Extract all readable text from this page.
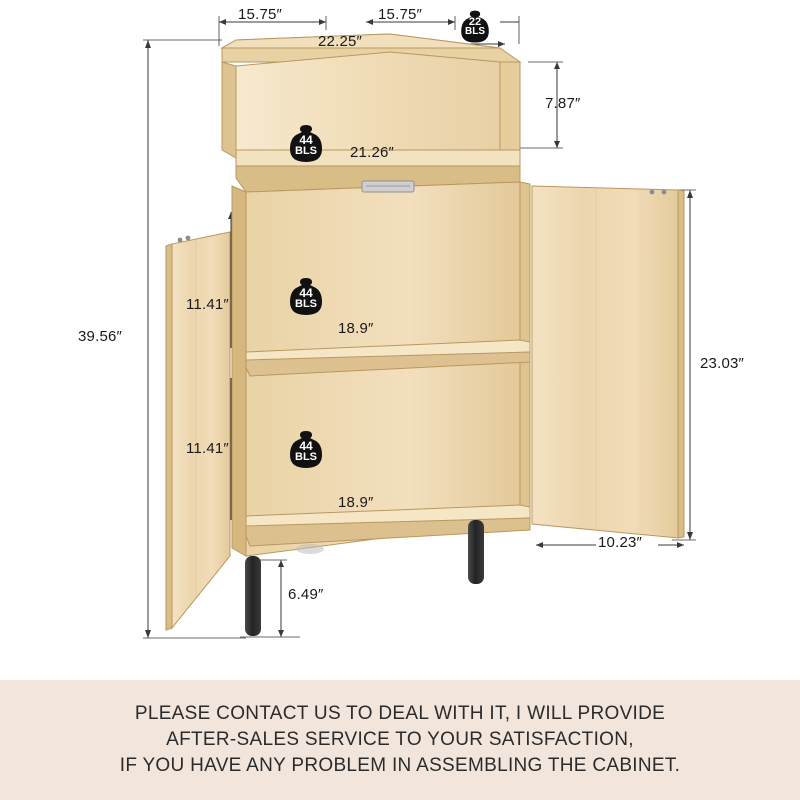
15.75″	15.75″
22.25″
7.87″
21.26″
39.56″
11.41″
18.9″
11.41″
18.9″
23.03″
10.23″
6.49″
22
BLS
44
BLS
44
BLS
44
BLS
PLEASE CONTACT US TO DEAL WITH IT, I WILL PROVIDE
AFTER-SALES SERVICE TO YOUR SATISFACTION,
IF YOU HAVE ANY PROBLEM IN ASSEMBLING THE CABINET.
